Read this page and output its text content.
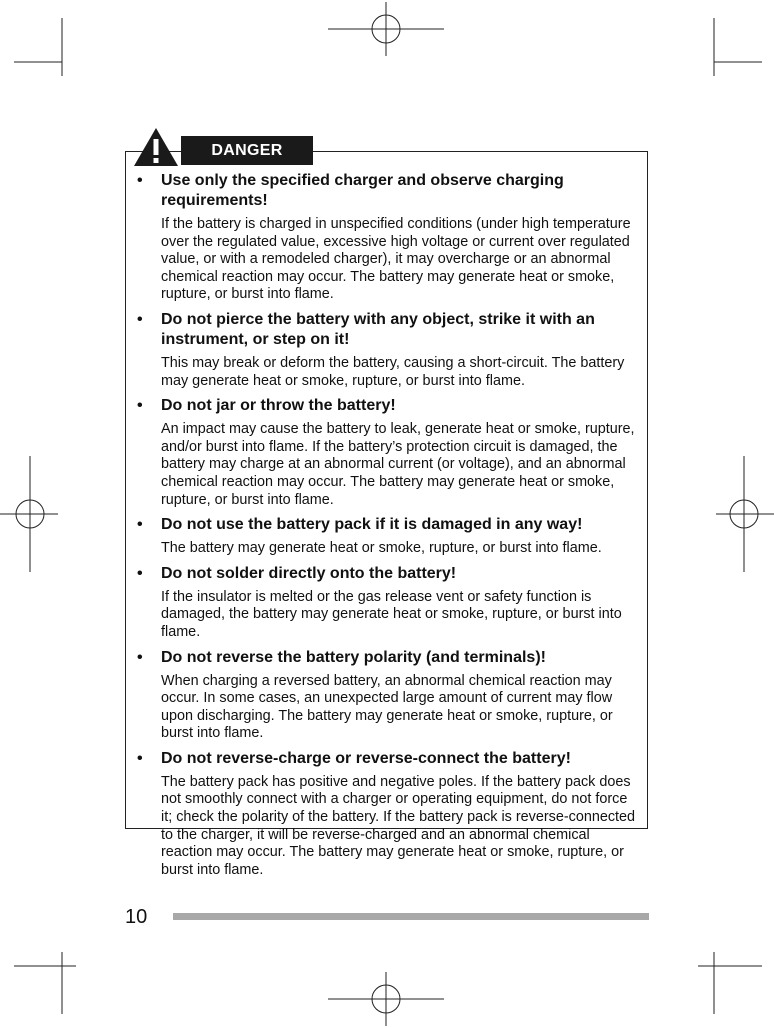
DANGER
• Use only the specified charger and observe charging requirements!

If the battery is charged in unspecified conditions (under high temperature over the regulated value, excessive high voltage or current over regulated value, or with a remodeled charger), it may overcharge or an abnormal chemical reaction may occur. The battery may generate heat or smoke, rupture, or burst into flame.

• Do not pierce the battery with any object, strike it with an instrument, or step on it!

This may break or deform the battery, causing a short-circuit. The battery may generate heat or smoke, rupture, or burst into flame.

• Do not jar or throw the battery!

An impact may cause the battery to leak, generate heat or smoke, rupture, and/or burst into flame. If the battery’s protection circuit is damaged, the battery may charge at an abnormal current (or voltage), and an abnormal chemical reaction may occur. The battery may generate heat or smoke, rupture, or burst into flame.

• Do not use the battery pack if it is damaged in any way!

The battery may generate heat or smoke, rupture, or burst into flame.

• Do not solder directly onto the battery!

If the insulator is melted or the gas release vent or safety function is damaged, the battery may generate heat or smoke, rupture, or burst into flame.

• Do not reverse the battery polarity (and terminals)!

When charging a reversed battery, an abnormal chemical reaction may occur. In some cases, an unexpected large amount of current may flow upon discharging. The battery may generate heat or smoke, rupture, or burst into flame.

• Do not reverse-charge or reverse-connect the battery!

The battery pack has positive and negative poles. If the battery pack does not smoothly connect with a charger or operating equipment, do not force it; check the polarity of the battery. If the battery pack is reverse-connected to the charger, it will be reverse-charged and an abnormal chemical reaction may occur. The battery may generate heat or smoke, rupture, or burst into flame.

10
